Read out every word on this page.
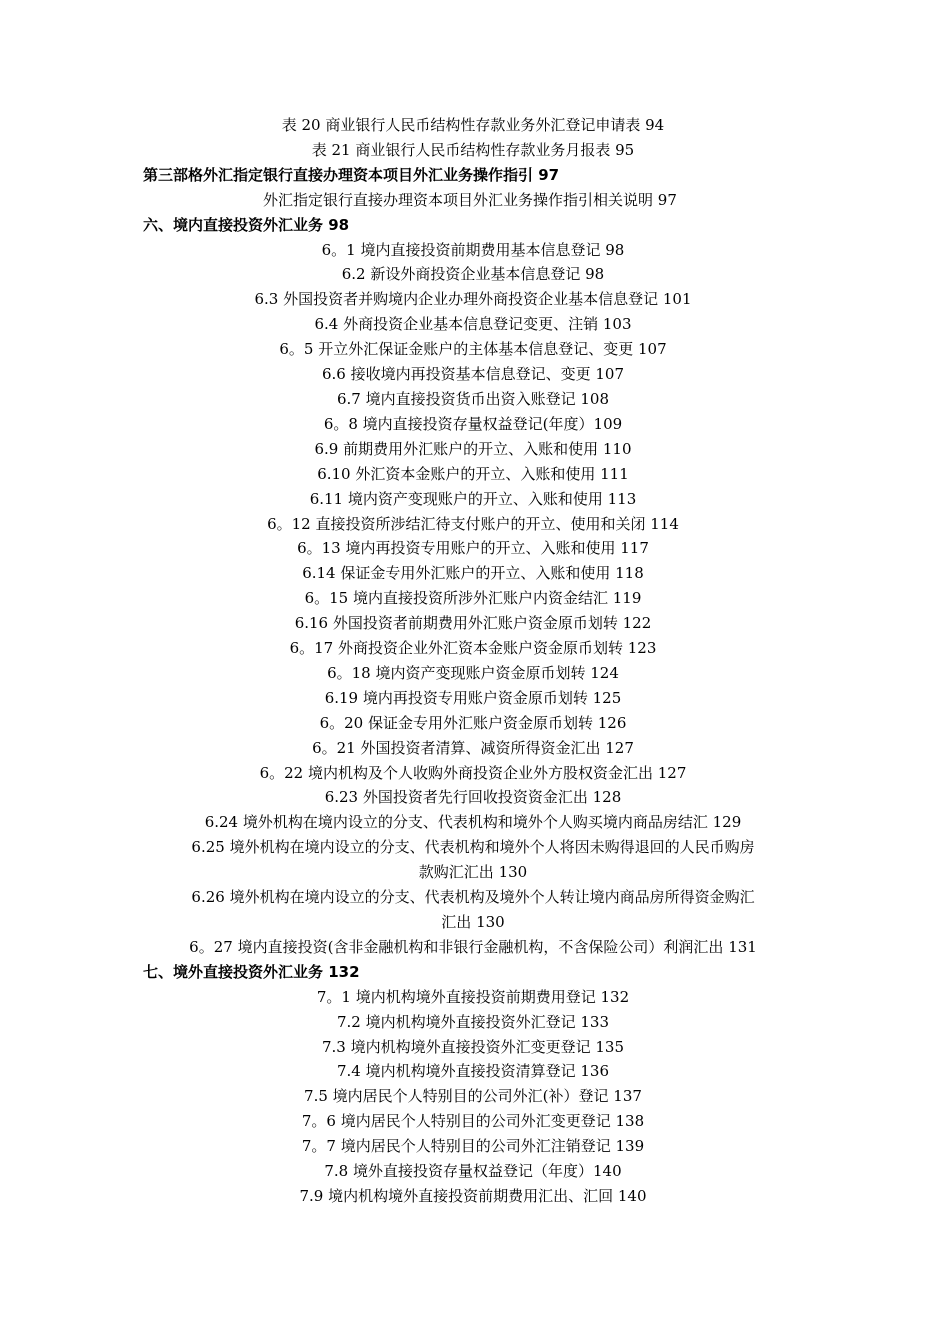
表 20 商业银行人民币结构性存款业务外汇登记申请表 94
表 21 商业银行人民币结构性存款业务月报表 95
第三部格外汇指定银行直接办理资本项目外汇业务操作指引 97
外汇指定银行直接办理资本项目外汇业务操作指引相关说明 97
六、境内直接投资外汇业务 98
6。1 境内直接投资前期费用基本信息登记 98
6.2 新设外商投资企业基本信息登记 98
6.3 外国投资者并购境内企业办理外商投资企业基本信息登记 101
6.4 外商投资企业基本信息登记变更、注销 103
6。5 开立外汇保证金账户的主体基本信息登记、变更 107
6.6 接收境内再投资基本信息登记、变更 107
6.7 境内直接投资货币出资入账登记 108
6。8 境内直接投资存量权益登记(年度）109
6.9 前期费用外汇账户的开立、入账和使用 110
6.10 外汇资本金账户的开立、入账和使用 111
6.11 境内资产变现账户的开立、入账和使用 113
6。12 直接投资所涉结汇待支付账户的开立、使用和关闭 114
6。13 境内再投资专用账户的开立、入账和使用 117
6.14 保证金专用外汇账户的开立、入账和使用 118
6。15 境内直接投资所涉外汇账户内资金结汇 119
6.16 外国投资者前期费用外汇账户资金原币划转 122
6。17 外商投资企业外汇资本金账户资金原币划转 123
6。18 境内资产变现账户资金原币划转 124
6.19 境内再投资专用账户资金原币划转 125
6。20 保证金专用外汇账户资金原币划转 126
6。21 外国投资者清算、减资所得资金汇出 127
6。22 境内机构及个人收购外商投资企业外方股权资金汇出 127
6.23 外国投资者先行回收投资资金汇出 128
6.24 境外机构在境内设立的分支、代表机构和境外个人购买境内商品房结汇 129
6.25 境外机构在境内设立的分支、代表机构和境外个人将因未购得退回的人民币购房
款购汇汇出 130
6.26 境外机构在境内设立的分支、代表机构及境外个人转让境内商品房所得资金购汇
汇出 130
6。27 境内直接投资(含非金融机构和非银行金融机构，不含保险公司）利润汇出 131
七、境外直接投资外汇业务 132
7。1 境内机构境外直接投资前期费用登记 132
7.2 境内机构境外直接投资外汇登记 133
7.3 境内机构境外直接投资外汇变更登记 135
7.4 境内机构境外直接投资清算登记 136
7.5 境内居民个人特别目的公司外汇(补）登记 137
7。6 境内居民个人特别目的公司外汇变更登记 138
7。7 境内居民个人特别目的公司外汇注销登记 139
7.8 境外直接投资存量权益登记（年度）140
7.9 境内机构境外直接投资前期费用汇出、汇回 140
